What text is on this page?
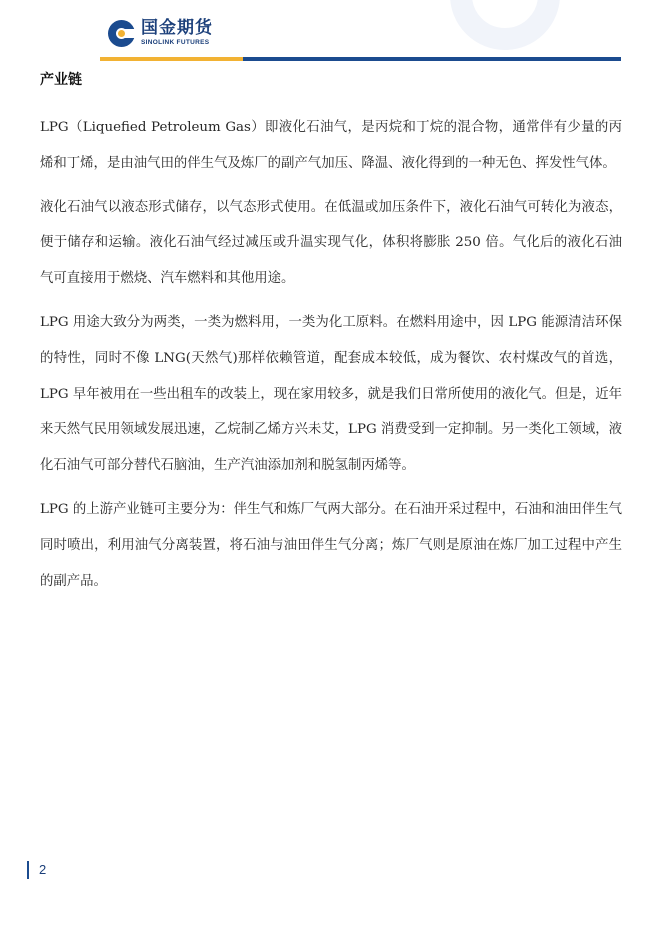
国金期货
SINOLINK FUTURES
产业链

LPG（Liquefied Petroleum Gas）即液化石油气，是丙烷和丁烷的混合物，通常伴有少量的丙烯和丁烯，是由油气田的伴生气及炼厂的副产气加压、降温、液化得到的一种无色、挥发性气体。

液化石油气以液态形式储存，以气态形式使用。在低温或加压条件下，液化石油气可转化为液态，便于储存和运输。液化石油气经过减压或升温实现气化，体积将膨胀 250 倍。气化后的液化石油气可直接用于燃烧、汽车燃料和其他用途。

LPG 用途大致分为两类，一类为燃料用，一类为化工原料。在燃料用途中，因 LPG 能源清洁环保的特性，同时不像 LNG(天然气)那样依赖管道，配套成本较低，成为餐饮、农村煤改气的首选，LPG 早年被用在一些出租车的改装上，现在家用较多，就是我们日常所使用的液化气。但是，近年来天然气民用领域发展迅速，乙烷制乙烯方兴未艾，LPG 消费受到一定抑制。另一类化工领域，液化石油气可部分替代石脑油，生产汽油添加剂和脱氢制丙烯等。

LPG 的上游产业链可主要分为：伴生气和炼厂气两大部分。在石油开采过程中，石油和油田伴生气同时喷出，利用油气分离装置，将石油与油田伴生气分离；炼厂气则是原油在炼厂加工过程中产生的副产品。

2
